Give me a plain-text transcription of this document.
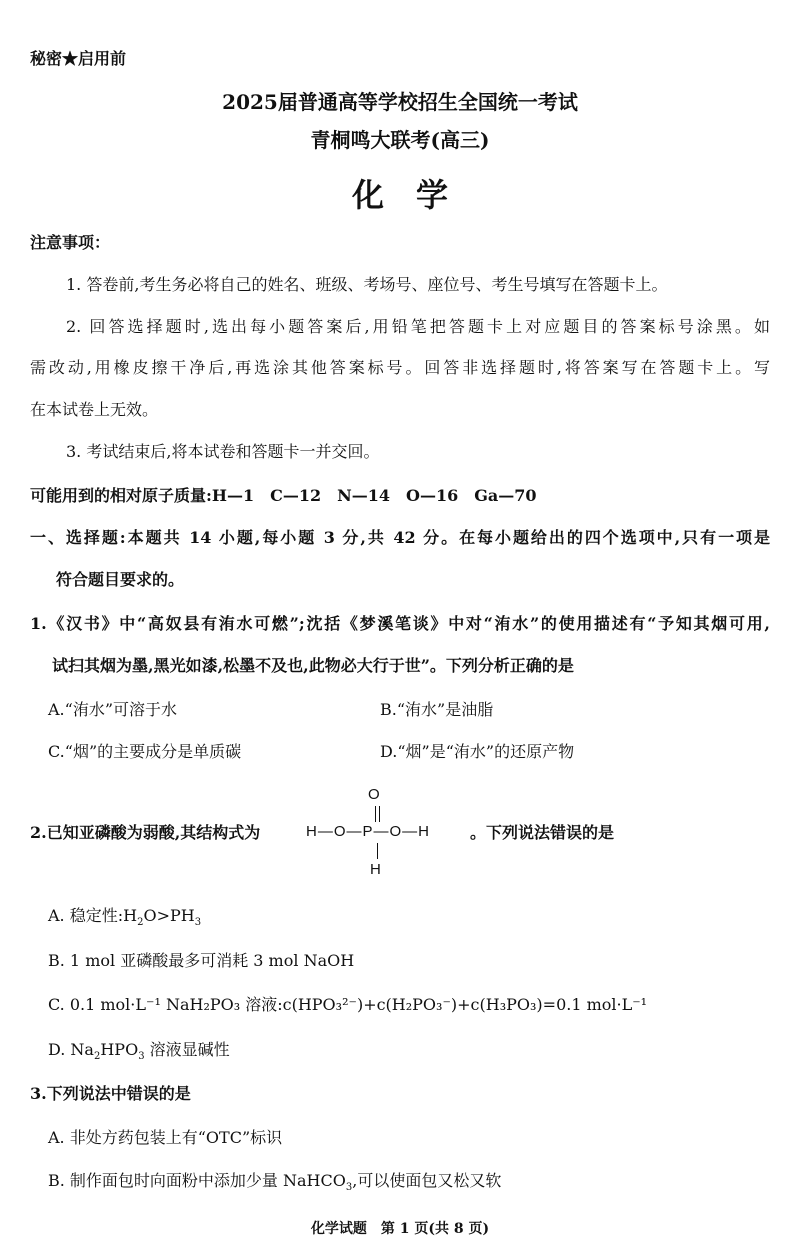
秘密★启用前
2025届普通高等学校招生全国统一考试
青桐鸣大联考(高三)
化　学
注意事项：
1. 答卷前,考生务必将自己的姓名、班级、考场号、座位号、考生号填写在答题卡上。
2. 回答选择题时,选出每小题答案后,用铅笔把答题卡上对应题目的答案标号涂黑。如
需改动,用橡皮擦干净后,再选涂其他答案标号。回答非选择题时,将答案写在答题卡上。写
在本试卷上无效。
3. 考试结束后,将本试卷和答题卡一并交回。
可能用到的相对原子质量:H—1　C—12　N—14　O—16　Ga—70
一、选择题:本题共 14 小题,每小题 3 分,共 42 分。在每小题给出的四个选项中,只有一项是
符合题目要求的。
1.《汉书》中“高奴县有洧水可燃”;沈括《梦溪笔谈》中对“洧水”的使用描述有“予知其烟可用,
试扫其烟为墨,黑光如漆,松墨不及也,此物必大行于世”。下列分析正确的是
A.“洧水”可溶于水	B.“洧水”是油脂
C.“烟”的主要成分是单质碳	D.“烟”是“洧水”的还原产物
2.已知亚磷酸为弱酸,其结构式为
O
H—O—P—O—H
H
。下列说法错误的是
A. 稳定性$:H_2O>PH_3$
B. 1 mol 亚磷酸最多可消耗 3 mol NaOH
C. 0.1 mol·L⁻¹ NaH₂PO₃ 溶液:c(HPO₃²⁻)+c(H₂PO₃⁻)+c(H₃PO₃)=0.1 mol·L⁻¹
D. $Na_2HPO_3$ 溶液显碱性
3.下列说法中错误的是
A. 非处方药包装上有“OTC”标识
B. 制作面包时向面粉中添加少量 NaHCO$_3$,可以使面包又松又软
化学试题　第 1 页(共 8 页)
